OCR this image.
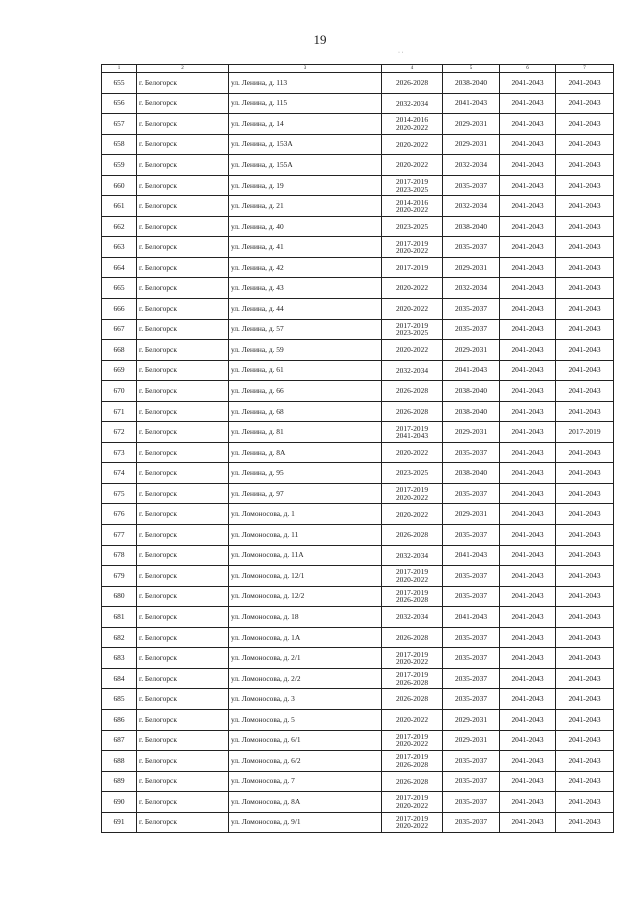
19
· ·
1	2	3	4	5	6	7
655	г. Белогорск	ул. Ленина, д. 113	2026-2028	2038-2040	2041-2043	2041-2043
656	г. Белогорск	ул. Ленина, д. 115	2032-2034	2041-2043	2041-2043	2041-2043
657	г. Белогорск	ул. Ленина, д. 14	2014-2016
2020-2022	2029-2031	2041-2043	2041-2043
658	г. Белогорск	ул. Ленина, д. 153А	2020-2022	2029-2031	2041-2043	2041-2043
659	г. Белогорск	ул. Ленина, д. 155А	2020-2022	2032-2034	2041-2043	2041-2043
660	г. Белогорск	ул. Ленина, д. 19	2017-2019
2023-2025	2035-2037	2041-2043	2041-2043
661	г. Белогорск	ул. Ленина, д. 21	2014-2016
2020-2022	2032-2034	2041-2043	2041-2043
662	г. Белогорск	ул. Ленина, д. 40	2023-2025	2038-2040	2041-2043	2041-2043
663	г. Белогорск	ул. Ленина, д. 41	2017-2019
2020-2022	2035-2037	2041-2043	2041-2043
664	г. Белогорск	ул. Ленина, д. 42	2017-2019	2029-2031	2041-2043	2041-2043
665	г. Белогорск	ул. Ленина, д. 43	2020-2022	2032-2034	2041-2043	2041-2043
666	г. Белогорск	ул. Ленина, д. 44	2020-2022	2035-2037	2041-2043	2041-2043
667	г. Белогорск	ул. Ленина, д. 57	2017-2019
2023-2025	2035-2037	2041-2043	2041-2043
668	г. Белогорск	ул. Ленина, д. 59	2020-2022	2029-2031	2041-2043	2041-2043
669	г. Белогорск	ул. Ленина, д. 61	2032-2034	2041-2043	2041-2043	2041-2043
670	г. Белогорск	ул. Ленина, д. 66	2026-2028	2038-2040	2041-2043	2041-2043
671	г. Белогорск	ул. Ленина, д. 68	2026-2028	2038-2040	2041-2043	2041-2043
672	г. Белогорск	ул. Ленина, д. 81	2017-2019
2041-2043	2029-2031	2041-2043	2017-2019
673	г. Белогорск	ул. Ленина, д. 8А	2020-2022	2035-2037	2041-2043	2041-2043
674	г. Белогорск	ул. Ленина, д. 95	2023-2025	2038-2040	2041-2043	2041-2043
675	г. Белогорск	ул. Ленина, д. 97	2017-2019
2020-2022	2035-2037	2041-2043	2041-2043
676	г. Белогорск	ул. Ломоносова, д. 1	2020-2022	2029-2031	2041-2043	2041-2043
677	г. Белогорск	ул. Ломоносова, д. 11	2026-2028	2035-2037	2041-2043	2041-2043
678	г. Белогорск	ул. Ломоносова, д. 11А	2032-2034	2041-2043	2041-2043	2041-2043
679	г. Белогорск	ул. Ломоносова, д. 12/1	2017-2019
2020-2022	2035-2037	2041-2043	2041-2043
680	г. Белогорск	ул. Ломоносова, д. 12/2	2017-2019
2026-2028	2035-2037	2041-2043	2041-2043
681	г. Белогорск	ул. Ломоносова, д. 18	2032-2034	2041-2043	2041-2043	2041-2043
682	г. Белогорск	ул. Ломоносова, д. 1А	2026-2028	2035-2037	2041-2043	2041-2043
683	г. Белогорск	ул. Ломоносова, д. 2/1	2017-2019
2020-2022	2035-2037	2041-2043	2041-2043
684	г. Белогорск	ул. Ломоносова, д. 2/2	2017-2019
2026-2028	2035-2037	2041-2043	2041-2043
685	г. Белогорск	ул. Ломоносова, д. 3	2026-2028	2035-2037	2041-2043	2041-2043
686	г. Белогорск	ул. Ломоносова, д. 5	2020-2022	2029-2031	2041-2043	2041-2043
687	г. Белогорск	ул. Ломоносова, д. 6/1	2017-2019
2020-2022	2029-2031	2041-2043	2041-2043
688	г. Белогорск	ул. Ломоносова, д. 6/2	2017-2019
2026-2028	2035-2037	2041-2043	2041-2043
689	г. Белогорск	ул. Ломоносова, д. 7	2026-2028	2035-2037	2041-2043	2041-2043
690	г. Белогорск	ул. Ломоносова, д. 8А	2017-2019
2020-2022	2035-2037	2041-2043	2041-2043
691	г. Белогорск	ул. Ломоносова, д. 9/1	2017-2019
2020-2022	2035-2037	2041-2043	2041-2043
